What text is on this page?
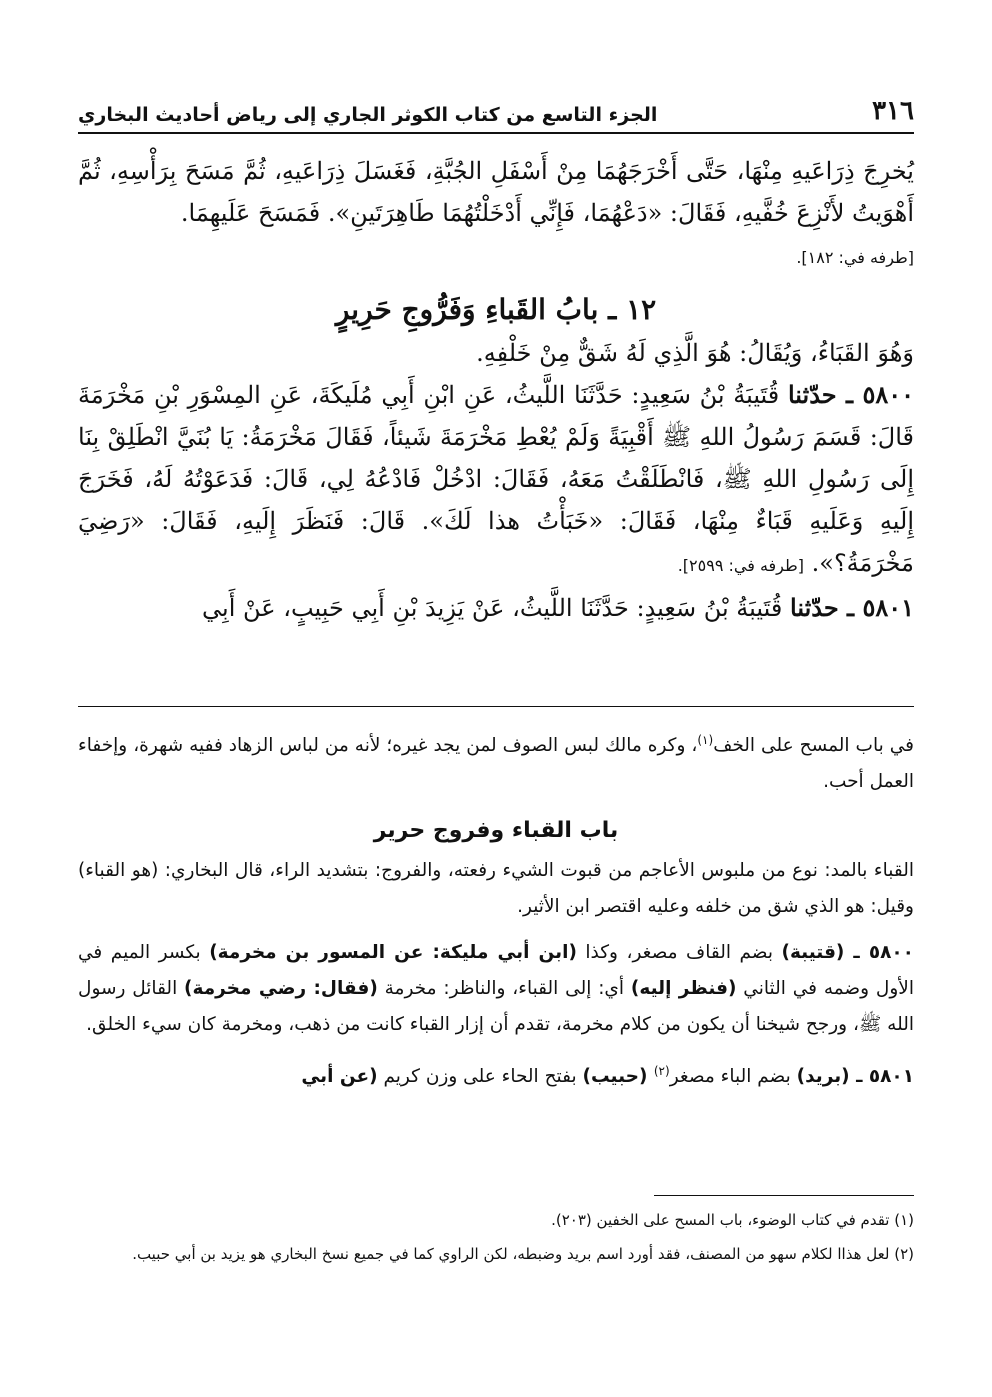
٣١٦
الجزء التاسع من كتاب الكوثر الجاري إلى رياض أحاديث البخاري

يُخرِجَ ذِرَاعَيهِ مِنْهَا، حَتَّى أَخْرَجَهُمَا مِنْ أَسْفَلِ الجُبَّةِ، فَغَسَلَ ذِرَاعَيهِ، ثُمَّ مَسَحَ بِرَأْسِهِ، ثُمَّ أَهْوَيتُ لأَنْزِعَ خُفَّيهِ، فَقَالَ: «دَعْهُمَا، فَإِنِّي أَدْخَلْتُهُمَا طَاهِرَتَينِ». فَمَسَحَ عَلَيهِمَا.
[طرفه في: ١٨٢].

١٢ ـ بابُ القَباءِ وَفَرُّوجِ حَرِيرٍ

وَهُوَ القَبَاءُ، وَيُقَالُ: هُوَ الَّذِي لَهُ شَقٌّ مِنْ خَلْفِهِ.

٥٨٠٠ ـ حدّثنا قُتَيبَةُ بْنُ سَعِيدٍ: حَدَّثَنَا اللَّيثُ، عَنِ ابْنِ أَبِي مُلَيكَةَ، عَنِ المِسْوَرِ بْنِ مَخْرَمَةَ قَالَ: قَسَمَ رَسُولُ اللهِ ﷺ أَقْبِيَةً وَلَمْ يُعْطِ مَخْرَمَةَ شَيئاً، فَقَالَ مَخْرَمَةُ: يَا بُنَيَّ انْطَلِقْ بِنَا إِلَى رَسُولِ اللهِ ﷺ، فَانْطَلَقْتُ مَعَهُ، فَقَالَ: ادْخُلْ فَادْعُهُ لِي، قَالَ: فَدَعَوْتُهُ لَهُ، فَخَرَجَ إِلَيهِ وَعَلَيهِ قَبَاءٌ مِنْهَا، فَقَالَ: «خَبَأْتُ هذا لَكَ». قَالَ: فَنَظَرَ إِلَيهِ، فَقَالَ: «رَضِيَ مَخْرَمَةُ؟». [طرفه في: ٢٥٩٩].

٥٨٠١ ـ حدّثنا قُتَيبَةُ بْنُ سَعِيدٍ: حَدَّثَنَا اللَّيثُ، عَنْ يَزِيدَ بْنِ أَبِي حَبِيبٍ، عَنْ أَبِي

في باب المسح على الخف$^{(١)}$، وكره مالك لبس الصوف لمن يجد غيره؛ لأنه من لباس الزهاد ففيه شهرة، وإخفاء العمل أحب.

باب القباء وفروج حرير

القباء بالمد: نوع من ملبوس الأعاجم من قبوت الشيء رفعته، والفروج: بتشديد الراء، قال البخاري: (هو القباء) وقيل: هو الذي شق من خلفه وعليه اقتصر ابن الأثير.

٥٨٠٠ ـ (قتيبة) بضم القاف مصغر، وكذا (ابن أبي مليكة: عن المسور بن مخرمة) بكسر الميم في الأول وضمه في الثاني (فنظر إليه) أي: إلى القباء، والناظر: مخرمة (فقال: رضي مخرمة) القائل رسول الله ﷺ، ورجح شيخنا أن يكون من كلام مخرمة، تقدم أن إزار القباء كانت من ذهب، ومخرمة كان سيء الخلق.

٥٨٠١ ـ (بريد) بضم الباء مصغر$^{(٢)}$ (حبيب) بفتح الحاء على وزن كريم (عن أبي

(١) تقدم في كتاب الوضوء، باب المسح على الخفين (٢٠٣).

(٢) لعل هذاا لكلام سهو من المصنف، فقد أورد اسم بريد وضبطه، لكن الراوي كما في جميع نسخ البخاري هو يزيد بن أبي حبيب.
